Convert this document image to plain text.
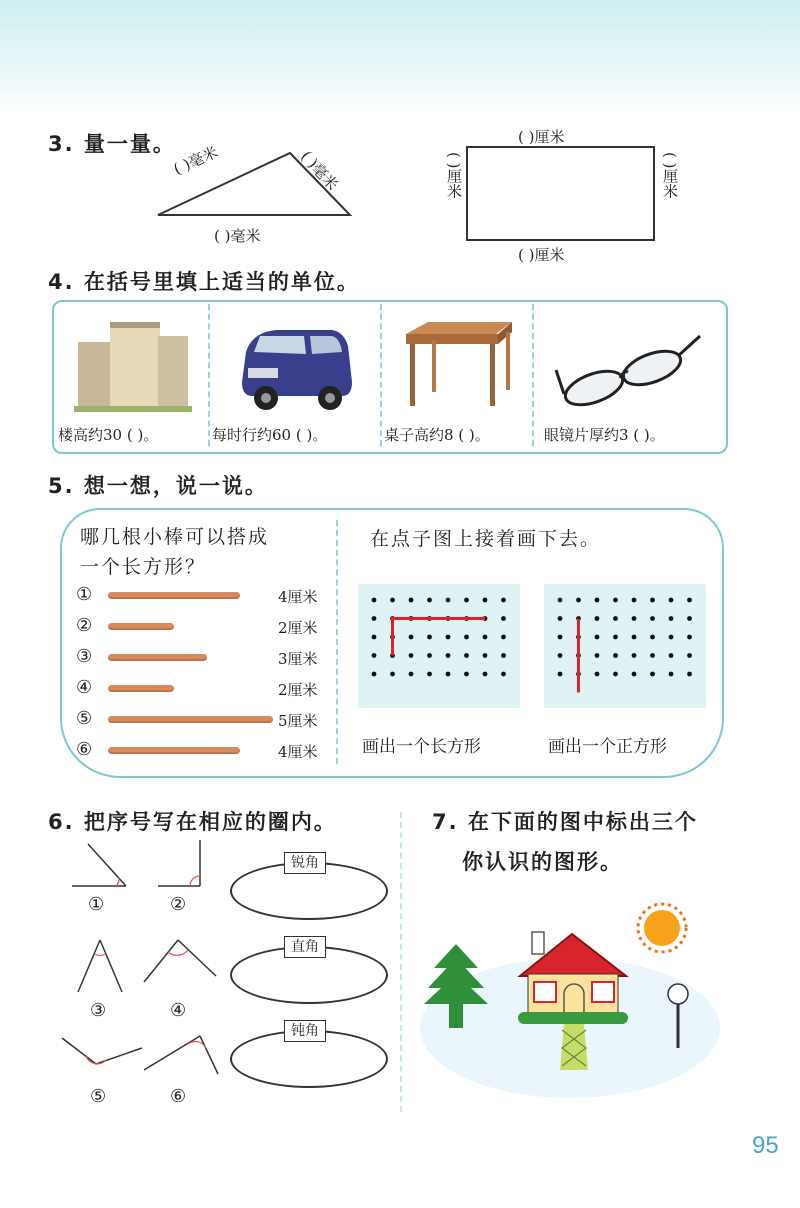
3. 量一量。
( )毫米	( )毫米
( )毫米
( )厘米
( )厘米
( )厘米	( )厘米
4. 在括号里填上适当的单位。
楼高约30 ( )。	每时行约60 ( )。	桌子高约8 ( )。	眼镜片厚约3 ( )。
5. 想一想，说一说。
哪几根小棒可以搭成
一个长方形？
①	4厘米
②	2厘米
③	3厘米
④	2厘米
⑤	5厘米
⑥	4厘米
在点子图上接着画下去。
画出一个长方形	画出一个正方形
6. 把序号写在相应的圈内。
①	②
③	④
⑤	⑥
锐角
直角
钝角
7. 在下面的图中标出三个
你认识的图形。
95
